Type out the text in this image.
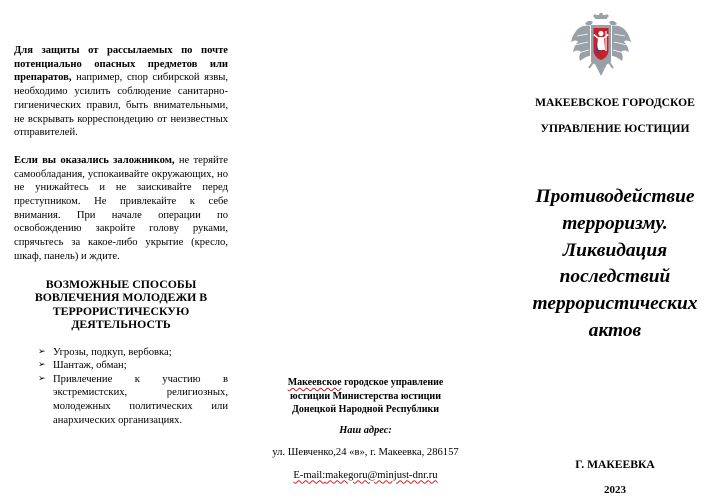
Для защиты от рассылаемых по почте потенциально опасных предметов или препаратов, например, спор сибирской язвы, необходимо усилить соблюдение санитарно-гигиенических правил, быть внимательными, не вскрывать корреспондецию от неизвестных отправителей.

Если вы оказались заложником, не теряйте самообладания, успокаивайте окружающих, но не унижайтесь и не заискивайте перед преступником. Не привлекайте к себе внимания. При начале операции по освобождению закройте голову руками, спрячьтесь за какое-либо укрытие (кресло, шкаф, панель) и ждите.

ВОЗМОЖНЫЕ СПОСОБЫ ВОВЛЕЧЕНИЯ МОЛОДЕЖИ В ТЕРРОРИСТИЧЕСКУЮ ДЕЯТЕЛЬНОСТЬ
➢ Угрозы, подкуп, вербовка;
➢ Шантаж, обман;
➢ Привлечение к участию в экстремистских, религиозных, молодежных политических или анархических организациях.

Макеевское городское управление

юстиции Министерства юстиции

Донецкой Народной Республики

Наш адрес:
ул. Шевченко,24 «в», г. Макеевка, 286157
E-mail:makegoru@minjust-dnr.ru
МАКЕЕВСКОЕ ГОРОДСКОЕ
УПРАВЛЕНИЕ ЮСТИЦИИ
Противодействие
терроризму.
Ликвидация
последствий
террористических
актов
Г. МАКЕЕВКА
2023
